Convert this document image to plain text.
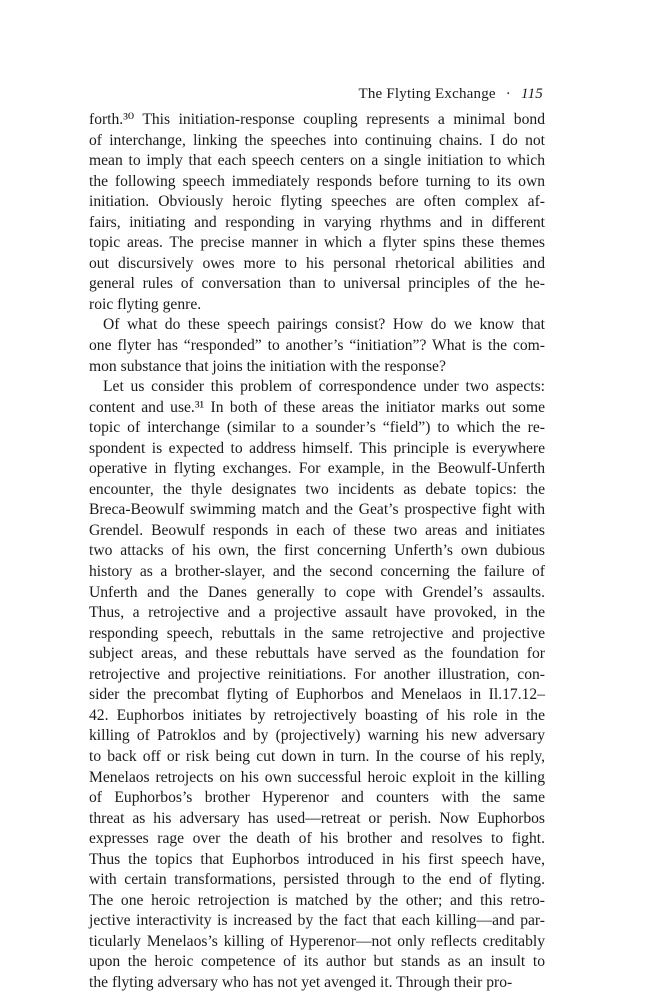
The Flyting Exchange · 115
forth.³⁰ This initiation-response coupling represents a minimal bond
of interchange, linking the speeches into continuing chains. I do not
mean to imply that each speech centers on a single initiation to which
the following speech immediately responds before turning to its own
initiation. Obviously heroic flyting speeches are often complex af-
fairs, initiating and responding in varying rhythms and in different
topic areas. The precise manner in which a flyter spins these themes
out discursively owes more to his personal rhetorical abilities and
general rules of conversation than to universal principles of the he-
roic flyting genre.
Of what do these speech pairings consist? How do we know that
one flyter has “responded” to another’s “initiation”? What is the com-
mon substance that joins the initiation with the response?
Let us consider this problem of correspondence under two aspects:
content and use.³¹ In both of these areas the initiator marks out some
topic of interchange (similar to a sounder’s “field”) to which the re-
spondent is expected to address himself. This principle is everywhere
operative in flyting exchanges. For example, in the Beowulf-Unferth
encounter, the thyle designates two incidents as debate topics: the
Breca-Beowulf swimming match and the Geat’s prospective fight with
Grendel. Beowulf responds in each of these two areas and initiates
two attacks of his own, the first concerning Unferth’s own dubious
history as a brother-slayer, and the second concerning the failure of
Unferth and the Danes generally to cope with Grendel’s assaults.
Thus, a retrojective and a projective assault have provoked, in the
responding speech, rebuttals in the same retrojective and projective
subject areas, and these rebuttals have served as the foundation for
retrojective and projective reinitiations. For another illustration, con-
sider the precombat flyting of Euphorbos and Menelaos in Il.17.12–
42. Euphorbos initiates by retrojectively boasting of his role in the
killing of Patroklos and by (projectively) warning his new adversary
to back off or risk being cut down in turn. In the course of his reply,
Menelaos retrojects on his own successful heroic exploit in the killing
of Euphorbos’s brother Hyperenor and counters with the same
threat as his adversary has used—retreat or perish. Now Euphorbos
expresses rage over the death of his brother and resolves to fight.
Thus the topics that Euphorbos introduced in his first speech have,
with certain transformations, persisted through to the end of flyting.
The one heroic retrojection is matched by the other; and this retro-
jective interactivity is increased by the fact that each killing—and par-
ticularly Menelaos’s killing of Hyperenor—not only reflects creditably
upon the heroic competence of its author but stands as an insult to
the flyting adversary who has not yet avenged it. Through their pro-
